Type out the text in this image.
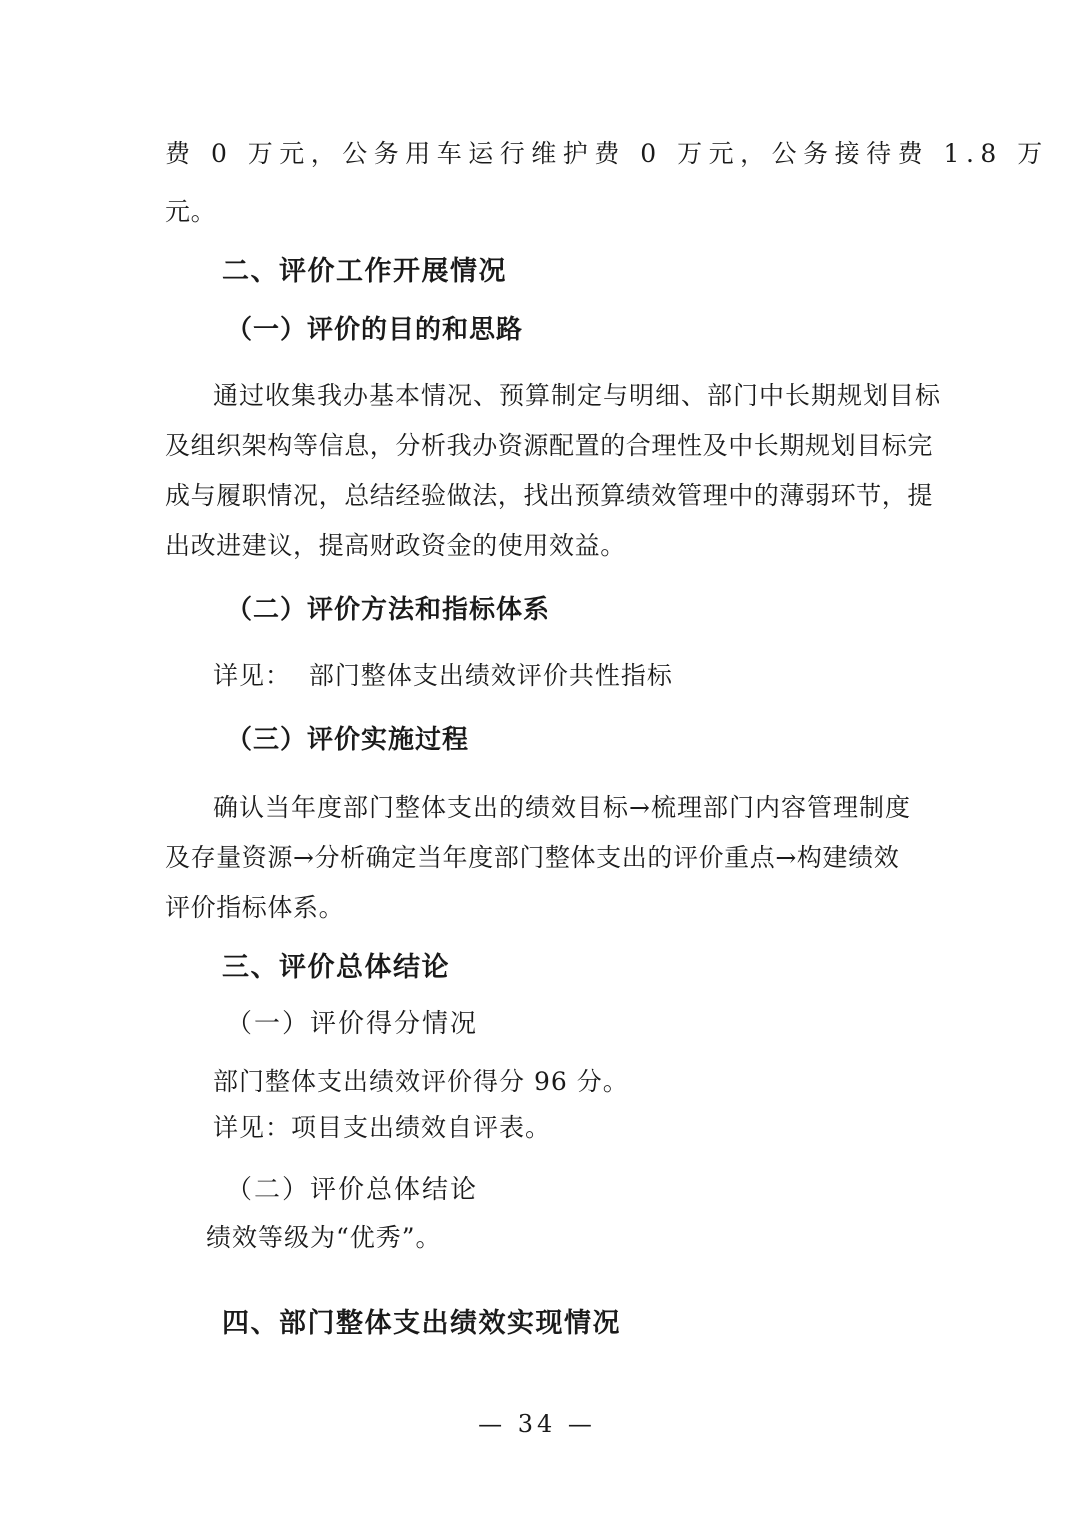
费 0 万元，公务用车运行维护费 0 万元，公务接待费 1.8 万
元。
二、评价工作开展情况
（一）评价的目的和思路
通过收集我办基本情况、预算制定与明细、部门中长期规划目标
及组织架构等信息，分析我办资源配置的合理性及中长期规划目标完
成与履职情况，总结经验做法，找出预算绩效管理中的薄弱环节，提
出改进建议，提高财政资金的使用效益。
（二）评价方法和指标体系
详见：  部门整体支出绩效评价共性指标
（三）评价实施过程
确认当年度部门整体支出的绩效目标→梳理部门内容管理制度
及存量资源→分析确定当年度部门整体支出的评价重点→构建绩效
评价指标体系。
三、评价总体结论
（一）评价得分情况
部门整体支出绩效评价得分 96 分。
详见：项目支出绩效自评表。
（二）评价总体结论
绩效等级为“优秀”。
四、部门整体支出绩效实现情况
— 34 —
